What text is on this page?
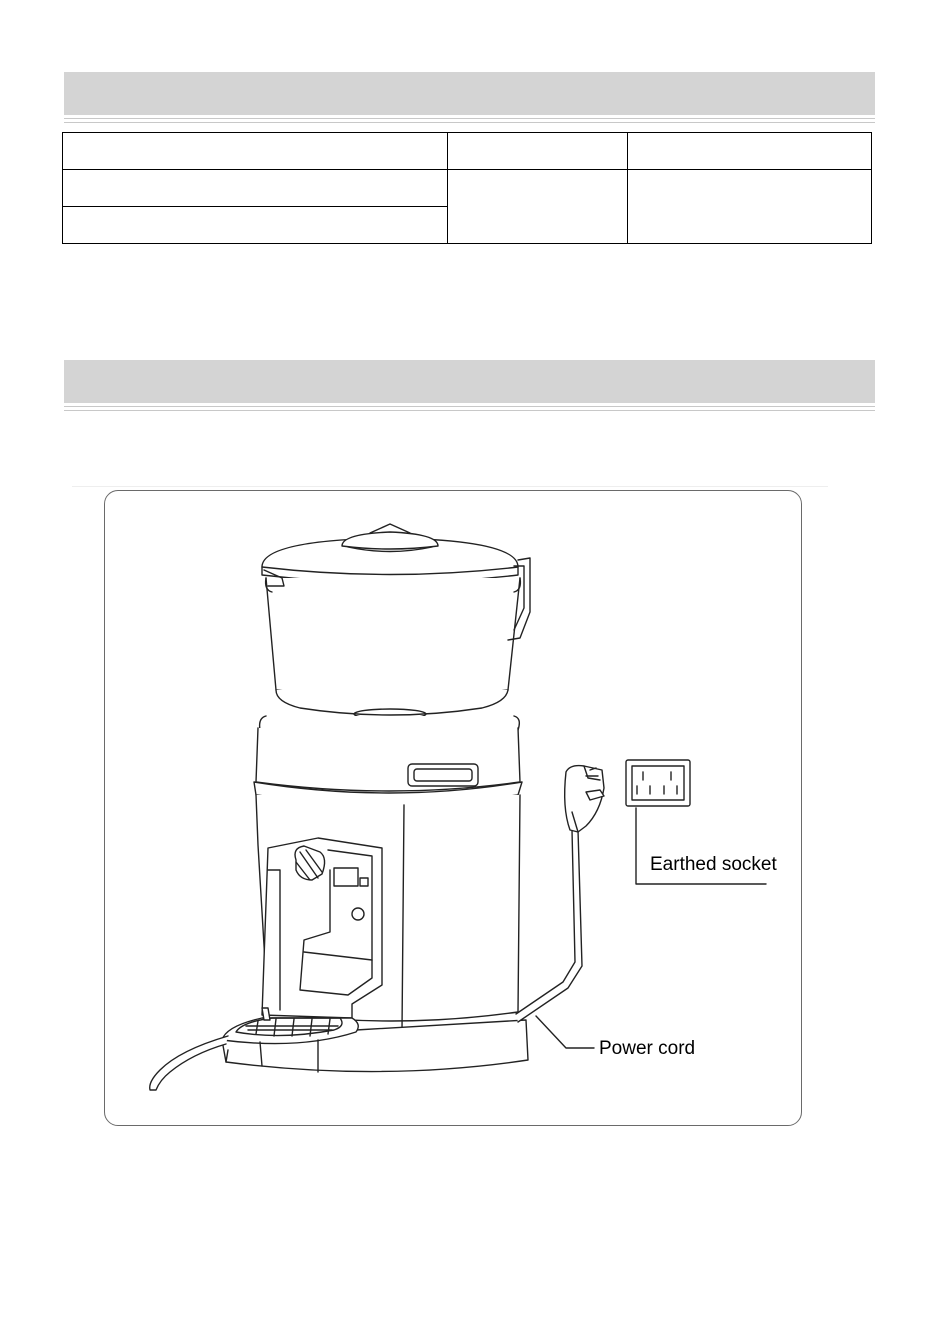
Earthed socket
Power cord
